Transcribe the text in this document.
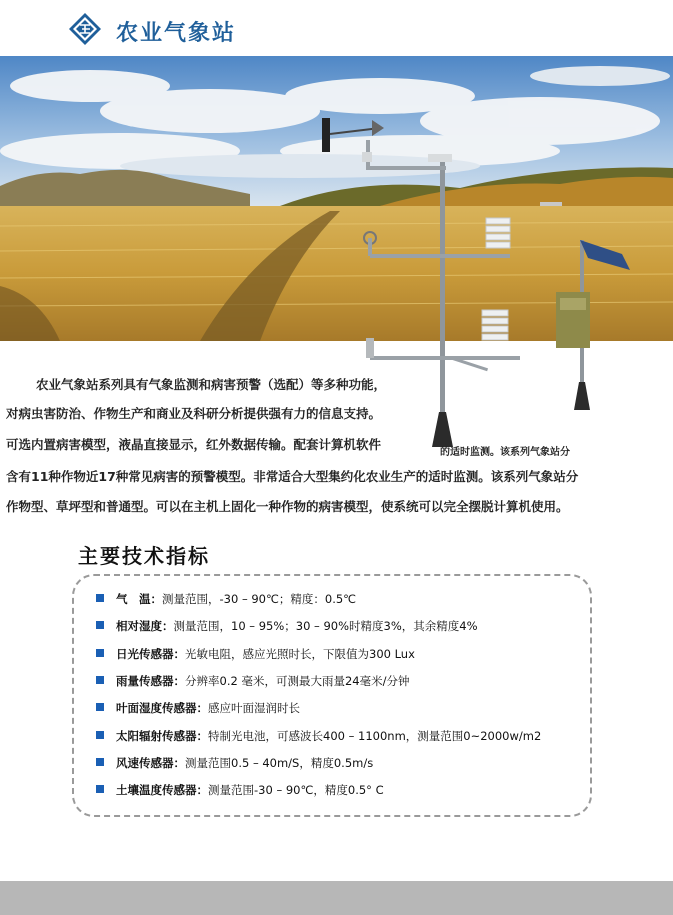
农业气象站
农业气象站系列具有气象监测和病害预警（选配）等多种功能，
对病虫害防治、作物生产和商业及科研分析提供强有力的信息支持。
可选内置病害模型，液晶直接显示，红外数据传输。配套计算机软件
的适时监测。该系列气象站分
含有11种作物近17种常见病害的预警模型。非常适合大型集约化农业生产的适时监测。该系列气象站分
作物型、草坪型和普通型。可以在主机上固化一种作物的病害模型，使系统可以完全摆脱计算机使用。
主要技术指标
气　温：测量范围，-30 – 90℃；精度：0.5℃
相对湿度：测量范围，10 – 95%；30 – 90%时精度3%，其余精度4%
日光传感器：光敏电阻，感应光照时长，下限值为300 Lux
雨量传感器：分辨率0.2 毫米，可测最大雨量24毫米/分钟
叶面湿度传感器：感应叶面湿润时长
太阳辐射传感器：特制光电池，可感波长400 – 1100nm，测量范围0~2000w/m2
风速传感器：测量范围0.5 – 40m/S，精度0.5m/s
土壤温度传感器：测量范围-30 – 90℃，精度0.5° C
